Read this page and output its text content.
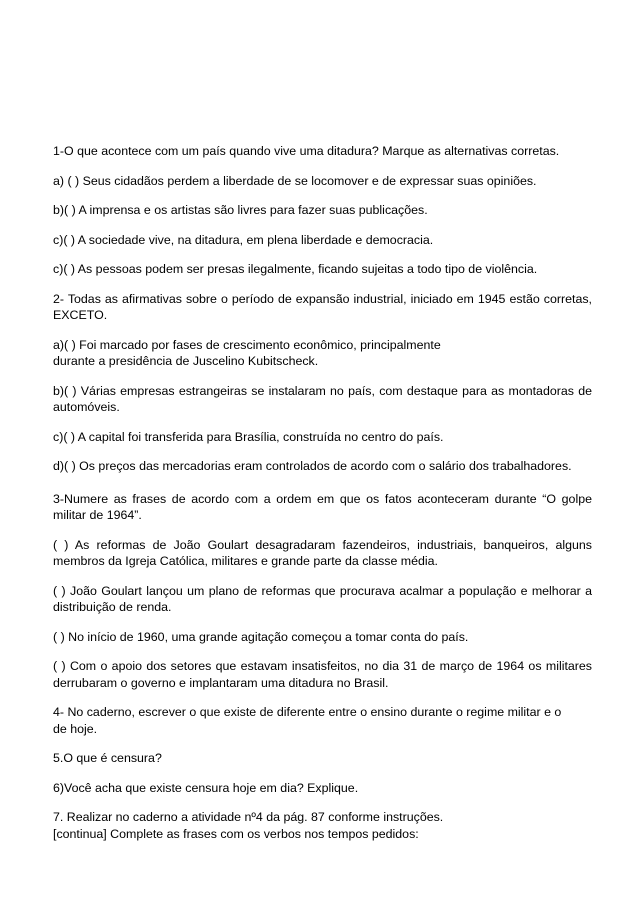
1-O que acontece com um país quando vive uma ditadura? Marque as alternativas corretas.

a) ( ) Seus cidadãos perdem a liberdade de se locomover e de expressar suas opiniões.

b)( ) A imprensa e os artistas são livres para fazer suas publicações.

c)( ) A sociedade vive, na ditadura, em plena liberdade e democracia.

c)( ) As pessoas podem ser presas ilegalmente, ficando sujeitas a todo tipo de violência.

2- Todas as afirmativas sobre o período de expansão industrial, iniciado em 1945 estão corretas, EXCETO.

a)( ) Foi marcado por fases de crescimento econômico, principalmente

durante a presidência de Juscelino Kubitscheck.

b)( ) Várias empresas estrangeiras se instalaram no país, com destaque para as montadoras de automóveis.

c)( ) A capital foi transferida para Brasília, construída no centro do país.

d)( ) Os preços das mercadorias eram controlados de acordo com o salário dos trabalhadores.

3-Numere as frases de acordo com a ordem em que os fatos aconteceram durante “O golpe militar de 1964”.

( ) As reformas de João Goulart desagradaram fazendeiros, industriais, banqueiros, alguns membros da Igreja Católica, militares e grande parte da classe média.

( ) João Goulart lançou um plano de reformas que procurava acalmar a população e melhorar a distribuição de renda.

( ) No início de 1960, uma grande agitação começou a tomar conta do país.

( ) Com o apoio dos setores que estavam insatisfeitos, no dia 31 de março de 1964 os militares derrubaram o governo e implantaram uma ditadura no Brasil.

4- No caderno, escrever o que existe de diferente entre o ensino durante o regime militar e o

de hoje.

5.O que é censura?

6)Você acha que existe censura hoje em dia? Explique.

7. Realizar no caderno a atividade nº4 da pág. 87 conforme instruções.

[continua] Complete as frases com os verbos nos tempos pedidos:
